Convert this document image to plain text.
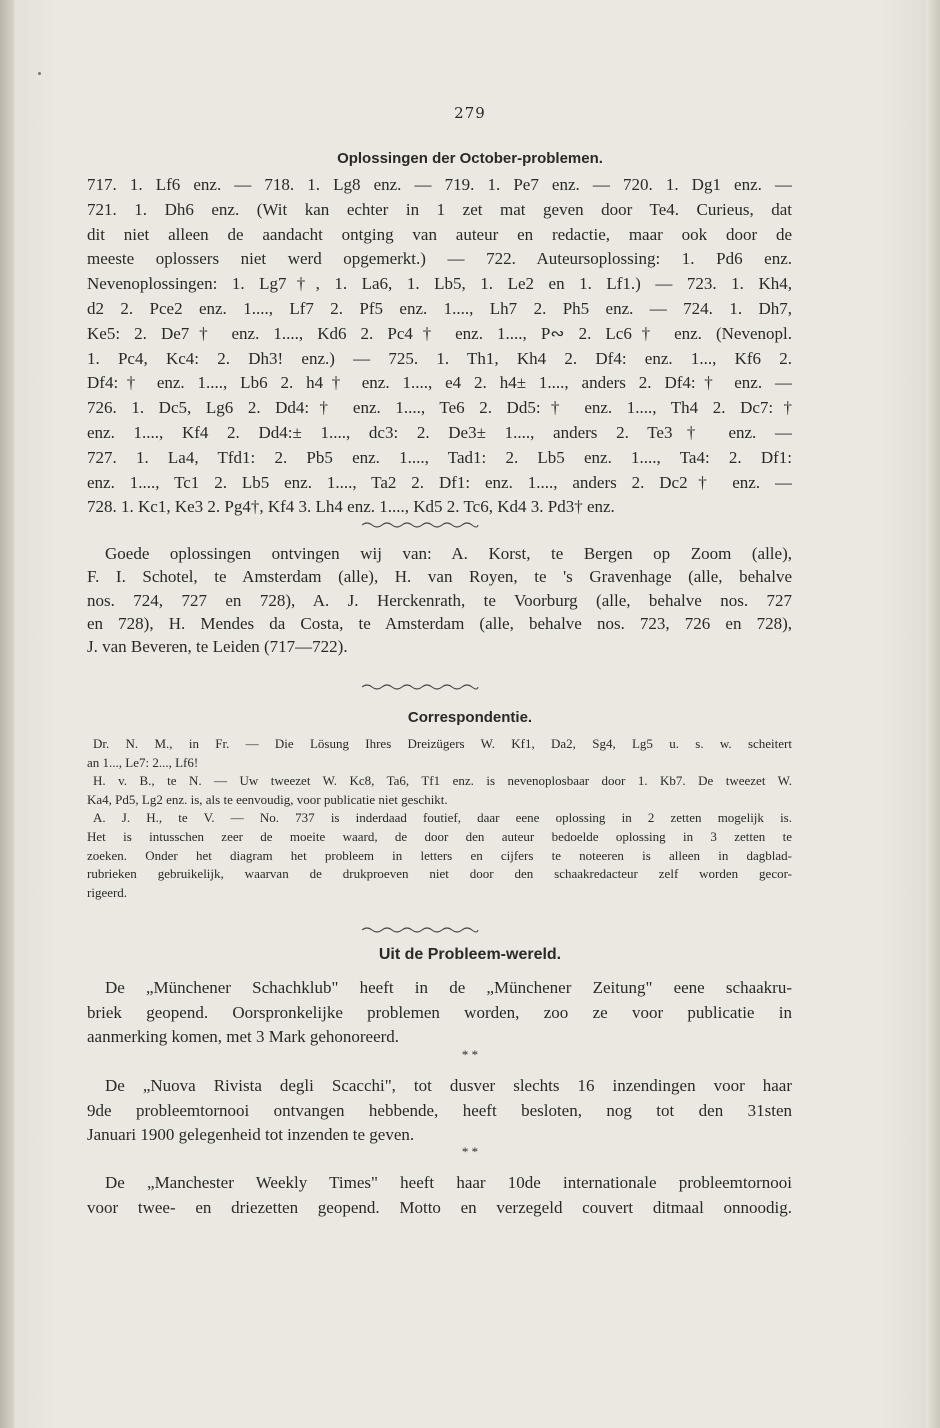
279
Oplossingen der October-problemen.
717. 1. Lf6 enz. — 718. 1. Lg8 enz. — 719. 1. Pe7 enz. — 720. 1. Dg1 enz. —
721. 1. Dh6 enz. (Wit kan echter in 1 zet mat geven door Te4. Curieus, dat
dit niet alleen de aandacht ontging van auteur en redactie, maar ook door de
meeste oplossers niet werd opgemerkt.) — 722. Auteursoplossing: 1. Pd6 enz.
Nevenoplossingen: 1. Lg7†, 1. La6, 1. Lb5, 1. Le2 en 1. Lf1.) — 723. 1. Kh4,
d2 2. Pce2 enz. 1...., Lf7 2. Pf5 enz. 1...., Lh7 2. Ph5 enz. — 724. 1. Dh7,
Ke5: 2. De7† enz. 1...., Kd6 2. Pc4† enz. 1...., P∾ 2. Lc6† enz. (Nevenopl.
1. Pc4, Kc4: 2. Dh3! enz.) — 725. 1. Th1, Kh4 2. Df4: enz. 1..., Kf6 2.
Df4:† enz. 1...., Lb6 2. h4† enz. 1...., e4 2. h4± 1...., anders 2. Df4:† enz. —
726. 1. Dc5, Lg6 2. Dd4:† enz. 1...., Te6 2. Dd5:† enz. 1...., Th4 2. Dc7:†
enz. 1...., Kf4 2. Dd4:± 1...., dc3: 2. De3± 1...., anders 2. Te3† enz. —
727. 1. La4, Tfd1: 2. Pb5 enz. 1...., Tad1: 2. Lb5 enz. 1...., Ta4: 2. Df1:
enz. 1...., Tc1 2. Lb5 enz. 1...., Ta2 2. Df1: enz. 1...., anders 2. Dc2† enz. —
728. 1. Kc1, Ke3 2. Pg4†, Kf4 3. Lh4 enz. 1...., Kd5 2. Tc6, Kd4 3. Pd3† enz.
Goede oplossingen ontvingen wij van: A. Korst, te Bergen op Zoom (alle),
F. I. Schotel, te Amsterdam (alle), H. van Royen, te 's Gravenhage (alle, behalve
nos. 724, 727 en 728), A. J. Herckenrath, te Voorburg (alle, behalve nos. 727
en 728), H. Mendes da Costa, te Amsterdam (alle, behalve nos. 723, 726 en 728),
J. van Beveren, te Leiden (717—722).
Correspondentie.
Dr. N. M., in Fr. — Die Lösung Ihres Dreizügers W. Kf1, Da2, Sg4, Lg5 u. s. w. scheitert
an 1..., Le7: 2..., Lf6!
H. v. B., te N. — Uw tweezet W. Kc8, Ta6, Tf1 enz. is nevenoplosbaar door 1. Kb7. De tweezet W.
Ka4, Pd5, Lg2 enz. is, als te eenvoudig, voor publicatie niet geschikt.
A. J. H., te V. — No. 737 is inderdaad foutief, daar eene oplossing in 2 zetten mogelijk is.
Het is intusschen zeer de moeite waard, de door den auteur bedoelde oplossing in 3 zetten te
zoeken. Onder het diagram het probleem in letters en cijfers te noteeren is alleen in dagblad-
rubrieken gebruikelijk, waarvan de drukproeven niet door den schaakredacteur zelf worden gecor-
rigeerd.
Uit de Probleem-wereld.
De „Münchener Schachklub" heeft in de „Münchener Zeitung" eene schaakru-
briek geopend. Oorspronkelijke problemen worden, zoo ze voor publicatie in
aanmerking komen, met 3 Mark gehonoreerd.
* *
De „Nuova Rivista degli Scacchi", tot dusver slechts 16 inzendingen voor haar
9de probleemtornooi ontvangen hebbende, heeft besloten, nog tot den 31sten
Januari 1900 gelegenheid tot inzenden te geven.
* *
De „Manchester Weekly Times" heeft haar 10de internationale probleemtornooi
voor twee- en driezetten geopend. Motto en verzegeld couvert ditmaal onnoodig.
